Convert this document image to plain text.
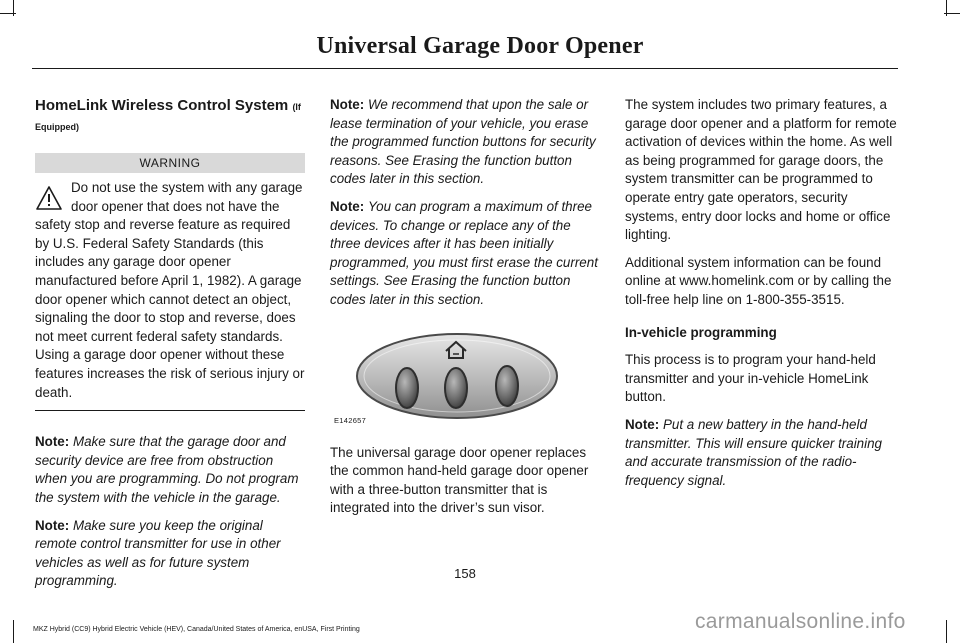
Universal Garage Door Opener
HomeLink Wireless Control System (If
Equipped)
WARNING
Do not use the system with any garage door opener that does not have the
safety stop and reverse feature as required by U.S. Federal Safety Standards (this includes any garage door opener manufactured before April 1, 1982). A garage door opener which cannot detect an object, signaling the door to stop and reverse, does not meet current federal safety standards. Using a garage door opener without these features increases the risk of serious injury or death.

Note: Make sure that the garage door and security device are free from obstruction when you are programming. Do not program the system with the vehicle in the garage.

Note: Make sure you keep the original remote control transmitter for use in other vehicles as well as for future system programming.

Note: We recommend that upon the sale or lease termination of your vehicle, you erase the programmed function buttons for security reasons. See Erasing the function button codes later in this section.

Note: You can program a maximum of three devices. To change or replace any of the three devices after it has been initially programmed, you must first erase the current settings. See Erasing the function button codes later in this section.

E142657

The universal garage door opener replaces the common hand-held garage door opener with a three-button transmitter that is integrated into the driver’s sun visor.

The system includes two primary features, a garage door opener and a platform for remote activation of devices within the home. As well as being programmed for garage doors, the system transmitter can be programmed to operate entry gate operators, security systems, entry door locks and home or office lighting.

Additional system information can be found online at www.homelink.com or by calling the toll-free help line on 1-800-355-3515.

In-vehicle programming

This process is to program your hand-held transmitter and your in-vehicle HomeLink button.

Note: Put a new battery in the hand-held transmitter. This will ensure quicker training and accurate transmission of the radio-frequency signal.

158
MKZ Hybrid (CC9) Hybrid Electric Vehicle (HEV), Canada/United States of America, enUSA, First Printing	carmanualsonline.info
